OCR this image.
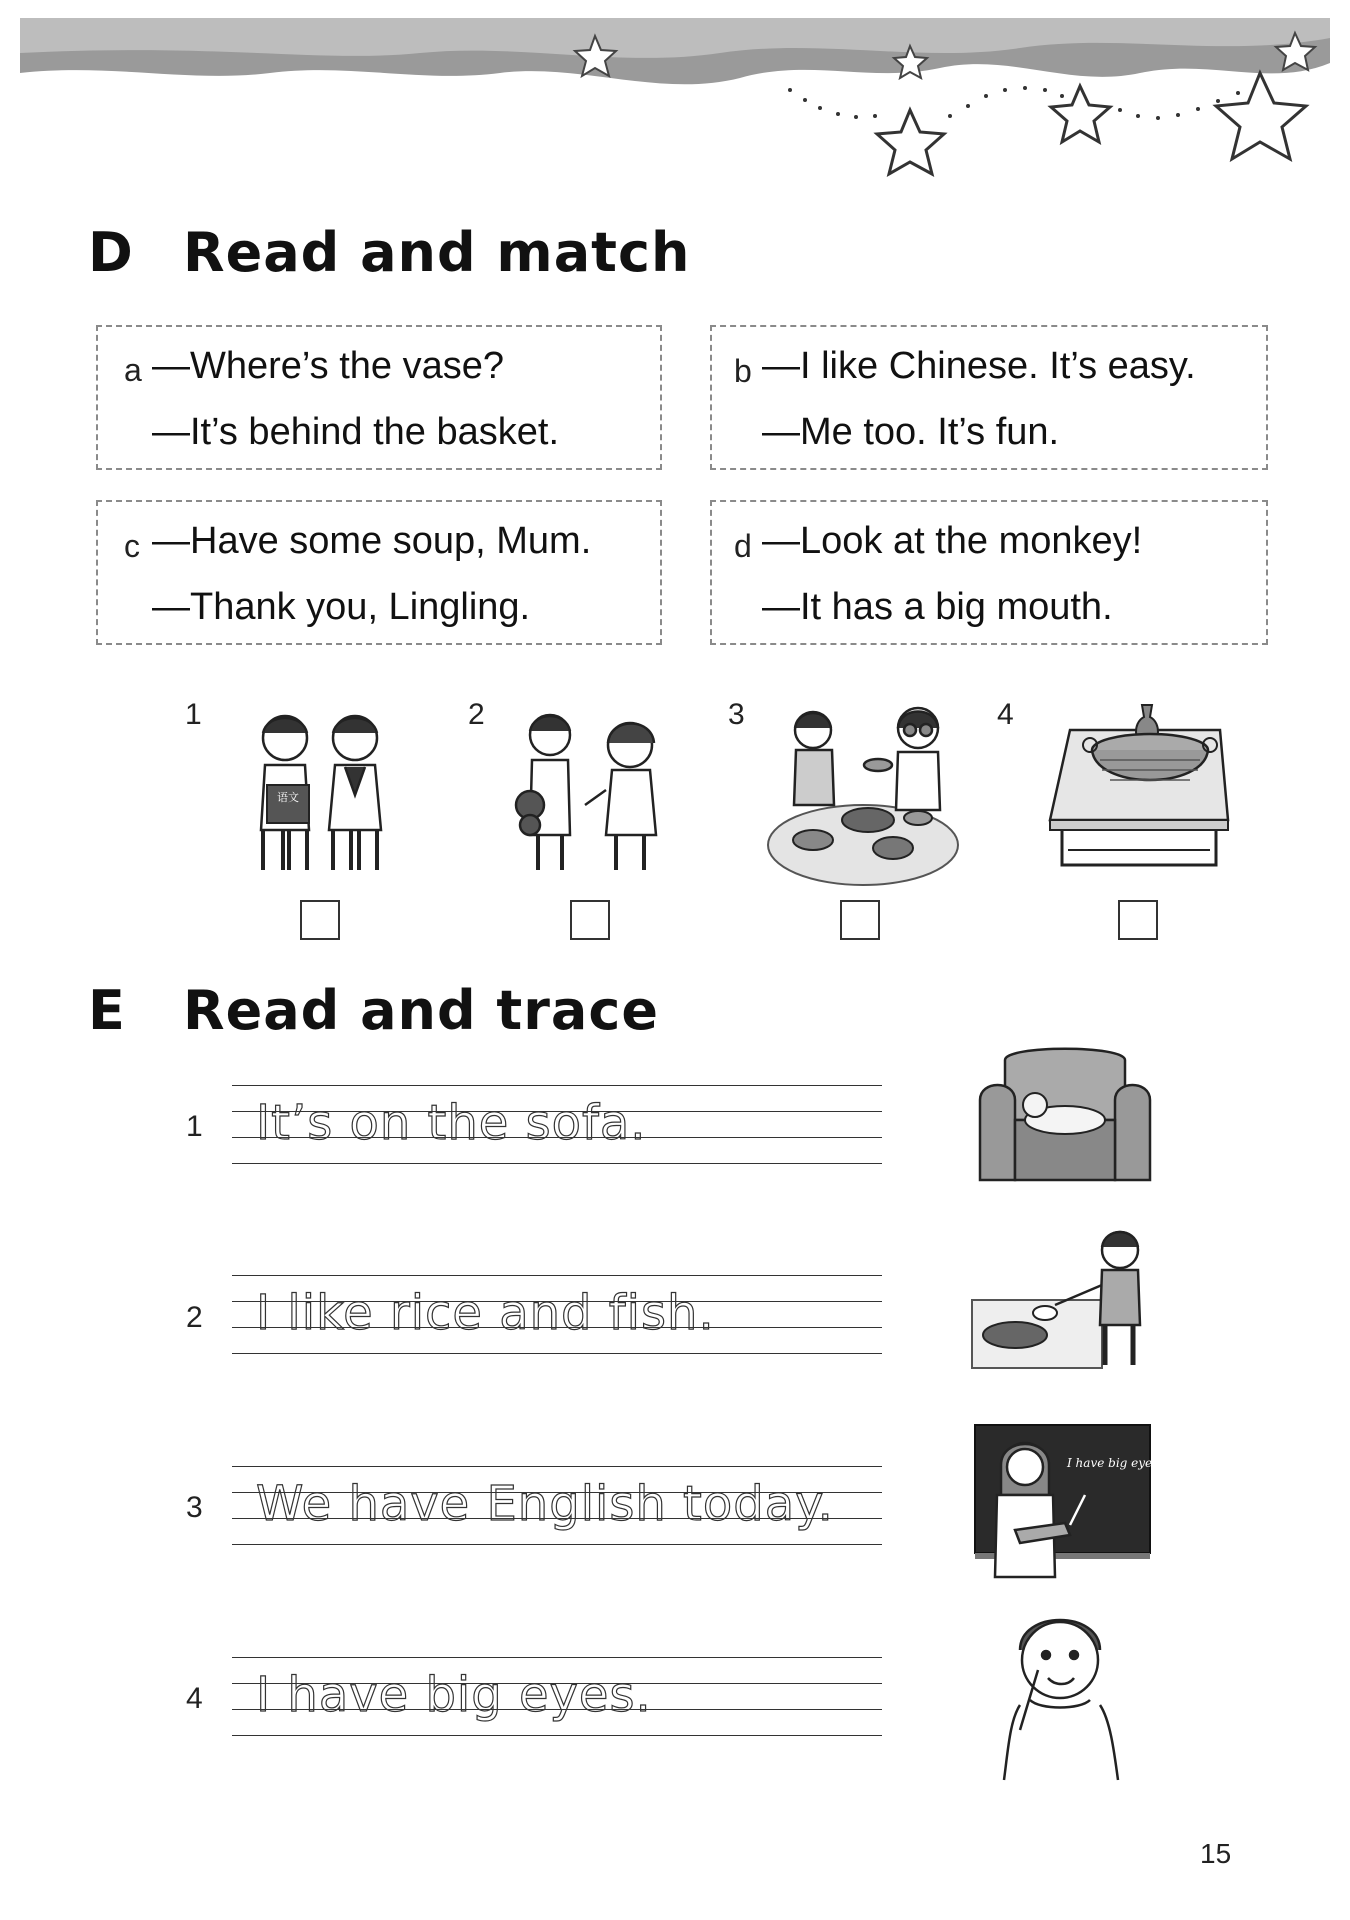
D Read and match
a —Where’s the vase?
—It’s behind the basket.
b —I like Chinese. It’s easy.
—Me too. It’s fun.
c —Have some soup, Mum.
—Thank you, Lingling.
d —Look at the monkey!
—It has a big mouth.
1
语文
2	3	4
E Read and trace
1 It’s on the sofa.
2 I like rice and fish.
3 We have English today.
I have big eyes.
4 I have big eyes.
15
